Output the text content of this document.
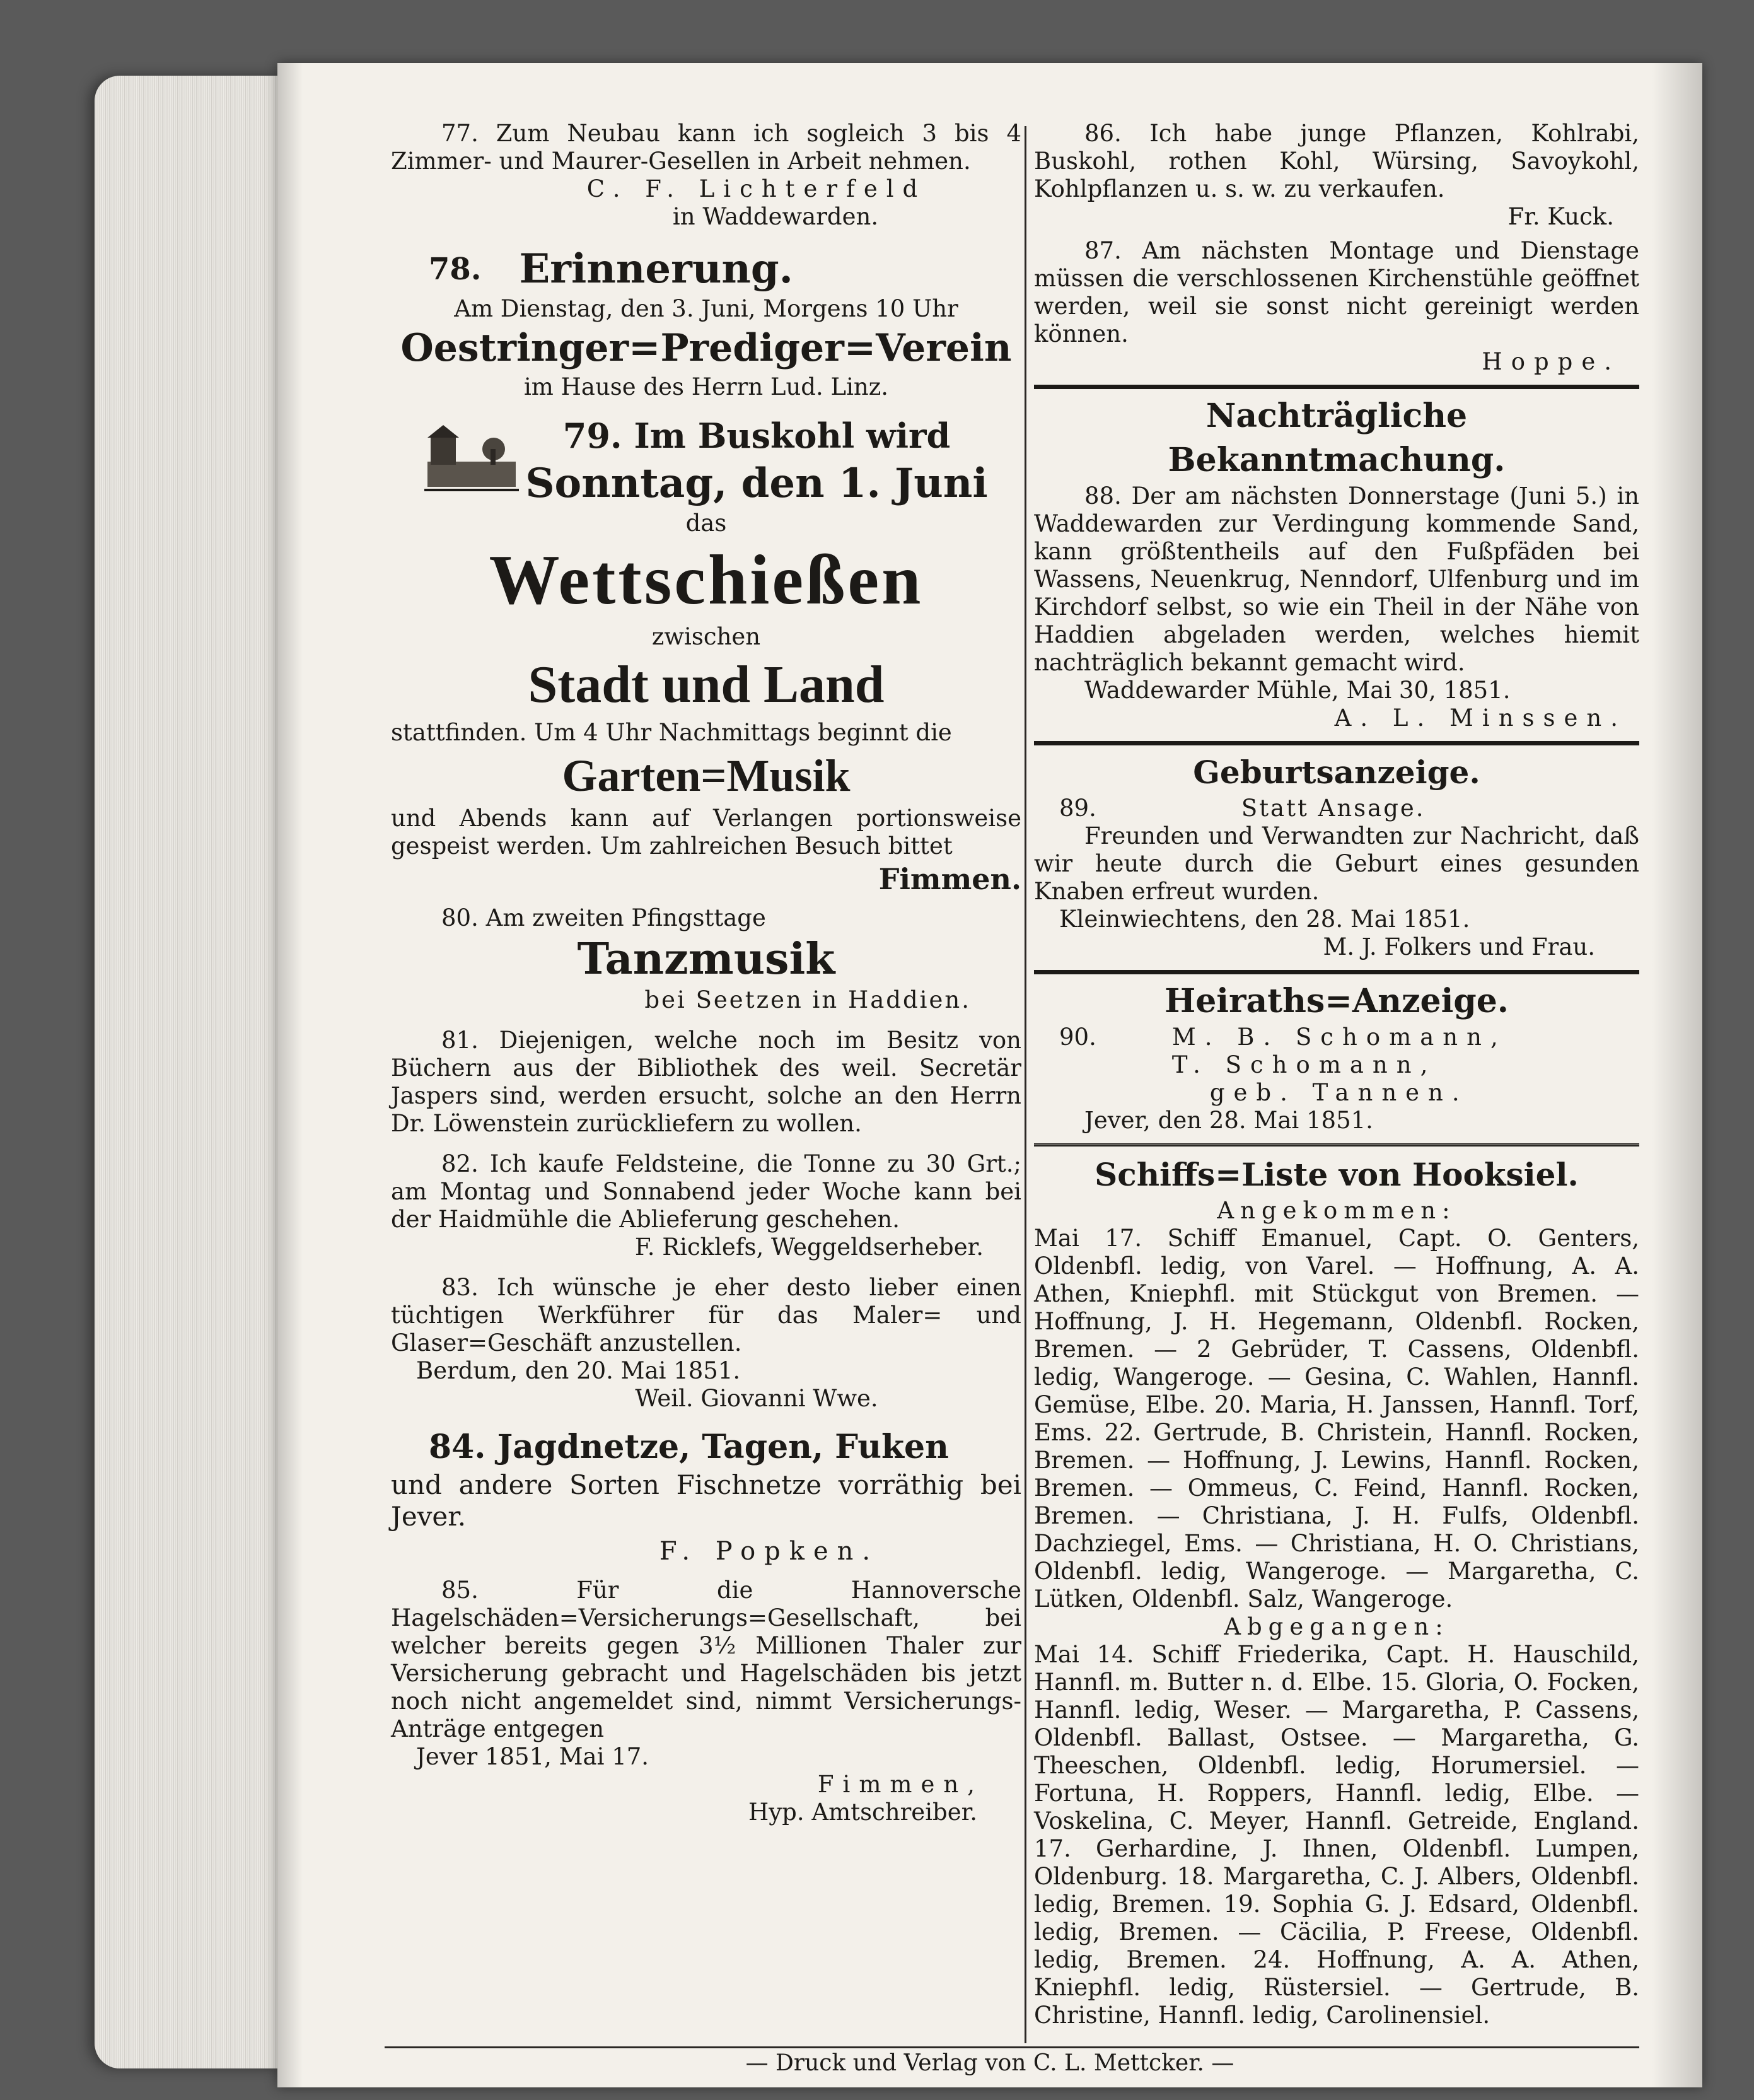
77. Zum Neubau kann ich sogleich 3 bis 4 Zimmer- und Maurer-Gesellen in Arbeit nehmen.

C. F. Lichterfeld

in Waddewarden.

78. Erinnerung.

Am Dienstag, den 3. Juni, Morgens 10 Uhr

Oestringer=Prediger=Verein

im Hause des Herrn Lud. Linz.

79. Im Buskohl wird

Sonntag, den 1. Juni

das

Wettschießen

zwischen

Stadt und Land

stattfinden. Um 4 Uhr Nachmittags beginnt die

Garten=Musik

und Abends kann auf Verlangen portionsweise gespeist werden. Um zahlreichen Besuch bittet

Fimmen.

80. Am zweiten Pfingsttage

Tanzmusik

bei Seetzen in Haddien.

81. Diejenigen, welche noch im Besitz von Büchern aus der Bibliothek des weil. Secretär Jaspers sind, werden ersucht, solche an den Herrn Dr. Löwenstein zurückliefern zu wollen.

82. Ich kaufe Feldsteine, die Tonne zu 30 Grt.; am Montag und Sonnabend jeder Woche kann bei der Haidmühle die Ablieferung geschehen.

F. Ricklefs, Weggeldserheber.

83. Ich wünsche je eher desto lieber einen tüchtigen Werkführer für das Maler= und Glaser=Geschäft anzustellen.

Berdum, den 20. Mai 1851.

Weil. Giovanni Wwe.

84. Jagdnetze, Tagen, Fuken

und andere Sorten Fischnetze vorräthig bei Jever.

F. Popken.

85. Für die Hannoversche Hagelschäden=Versicherungs=Gesellschaft, bei welcher bereits gegen 3½ Millionen Thaler zur Versicherung gebracht und Hagelschäden bis jetzt noch nicht angemeldet sind, nimmt Versicherungs-Anträge entgegen

Jever 1851, Mai 17.

Fimmen,

Hyp. Amtschreiber.

86. Ich habe junge Pflanzen, Kohlrabi, Buskohl, rothen Kohl, Würsing, Savoykohl, Kohlpflanzen u. s. w. zu verkaufen.

Fr. Kuck.

87. Am nächsten Montage und Dienstage müssen die verschlossenen Kirchenstühle geöffnet werden, weil sie sonst nicht gereinigt werden können.

Hoppe.

Nachträgliche Bekanntmachung.

88. Der am nächsten Donnerstage (Juni 5.) in Waddewarden zur Verdingung kommende Sand, kann größtentheils auf den Fußpfäden bei Wassens, Neuenkrug, Nenndorf, Ulfenburg und im Kirchdorf selbst, so wie ein Theil in der Nähe von Haddien abgeladen werden, welches hiemit nachträglich bekannt gemacht wird.

Waddewarder Mühle, Mai 30, 1851.

A. L. Minssen.

Geburtsanzeige.

89.	Statt Ansage.

Freunden und Verwandten zur Nachricht, daß wir heute durch die Geburt eines gesunden Knaben erfreut wurden.

Kleinwiechtens, den 28. Mai 1851.

M. J. Folkers und Frau.

Heiraths=Anzeige.

90.	M. B. Schomann,

T. Schomann,

geb. Tannen.

Jever, den 28. Mai 1851.

Schiffs=Liste von Hooksiel.

Angekommen:

Mai 17. Schiff Emanuel, Capt. O. Genters, Oldenbfl. ledig, von Varel. — Hoffnung, A. A. Athen, Kniephfl. mit Stückgut von Bremen. — Hoffnung, J. H. Hegemann, Oldenbfl. Rocken, Bremen. — 2 Gebrüder, T. Cassens, Oldenbfl. ledig, Wangeroge. — Gesina, C. Wahlen, Hannfl. Gemüse, Elbe. 20. Maria, H. Janssen, Hannfl. Torf, Ems. 22. Gertrude, B. Christein, Hannfl. Rocken, Bremen. — Hoffnung, J. Lewins, Hannfl. Rocken, Bremen. — Ommeus, C. Feind, Hannfl. Rocken, Bremen. — Christiana, J. H. Fulfs, Oldenbfl. Dachziegel, Ems. — Christiana, H. O. Christians, Oldenbfl. ledig, Wangeroge. — Margaretha, C. Lütken, Oldenbfl. Salz, Wangeroge.

Abgegangen:

Mai 14. Schiff Friederika, Capt. H. Hauschild, Hannfl. m. Butter n. d. Elbe. 15. Gloria, O. Focken, Hannfl. ledig, Weser. — Margaretha, P. Cassens, Oldenbfl. Ballast, Ostsee. — Margaretha, G. Theeschen, Oldenbfl. ledig, Horumersiel. — Fortuna, H. Roppers, Hannfl. ledig, Elbe. — Voskelina, C. Meyer, Hannfl. Getreide, England. 17. Gerhardine, J. Ihnen, Oldenbfl. Lumpen, Oldenburg. 18. Margaretha, C. J. Albers, Oldenbfl. ledig, Bremen. 19. Sophia G. J. Edsard, Oldenbfl. ledig, Bremen. — Cäcilia, P. Freese, Oldenbfl. ledig, Bremen. 24. Hoffnung, A. A. Athen, Kniephfl. ledig, Rüstersiel. — Gertrude, B. Christine, Hannfl. ledig, Carolinensiel.

— Druck und Verlag von C. L. Mettcker. —
